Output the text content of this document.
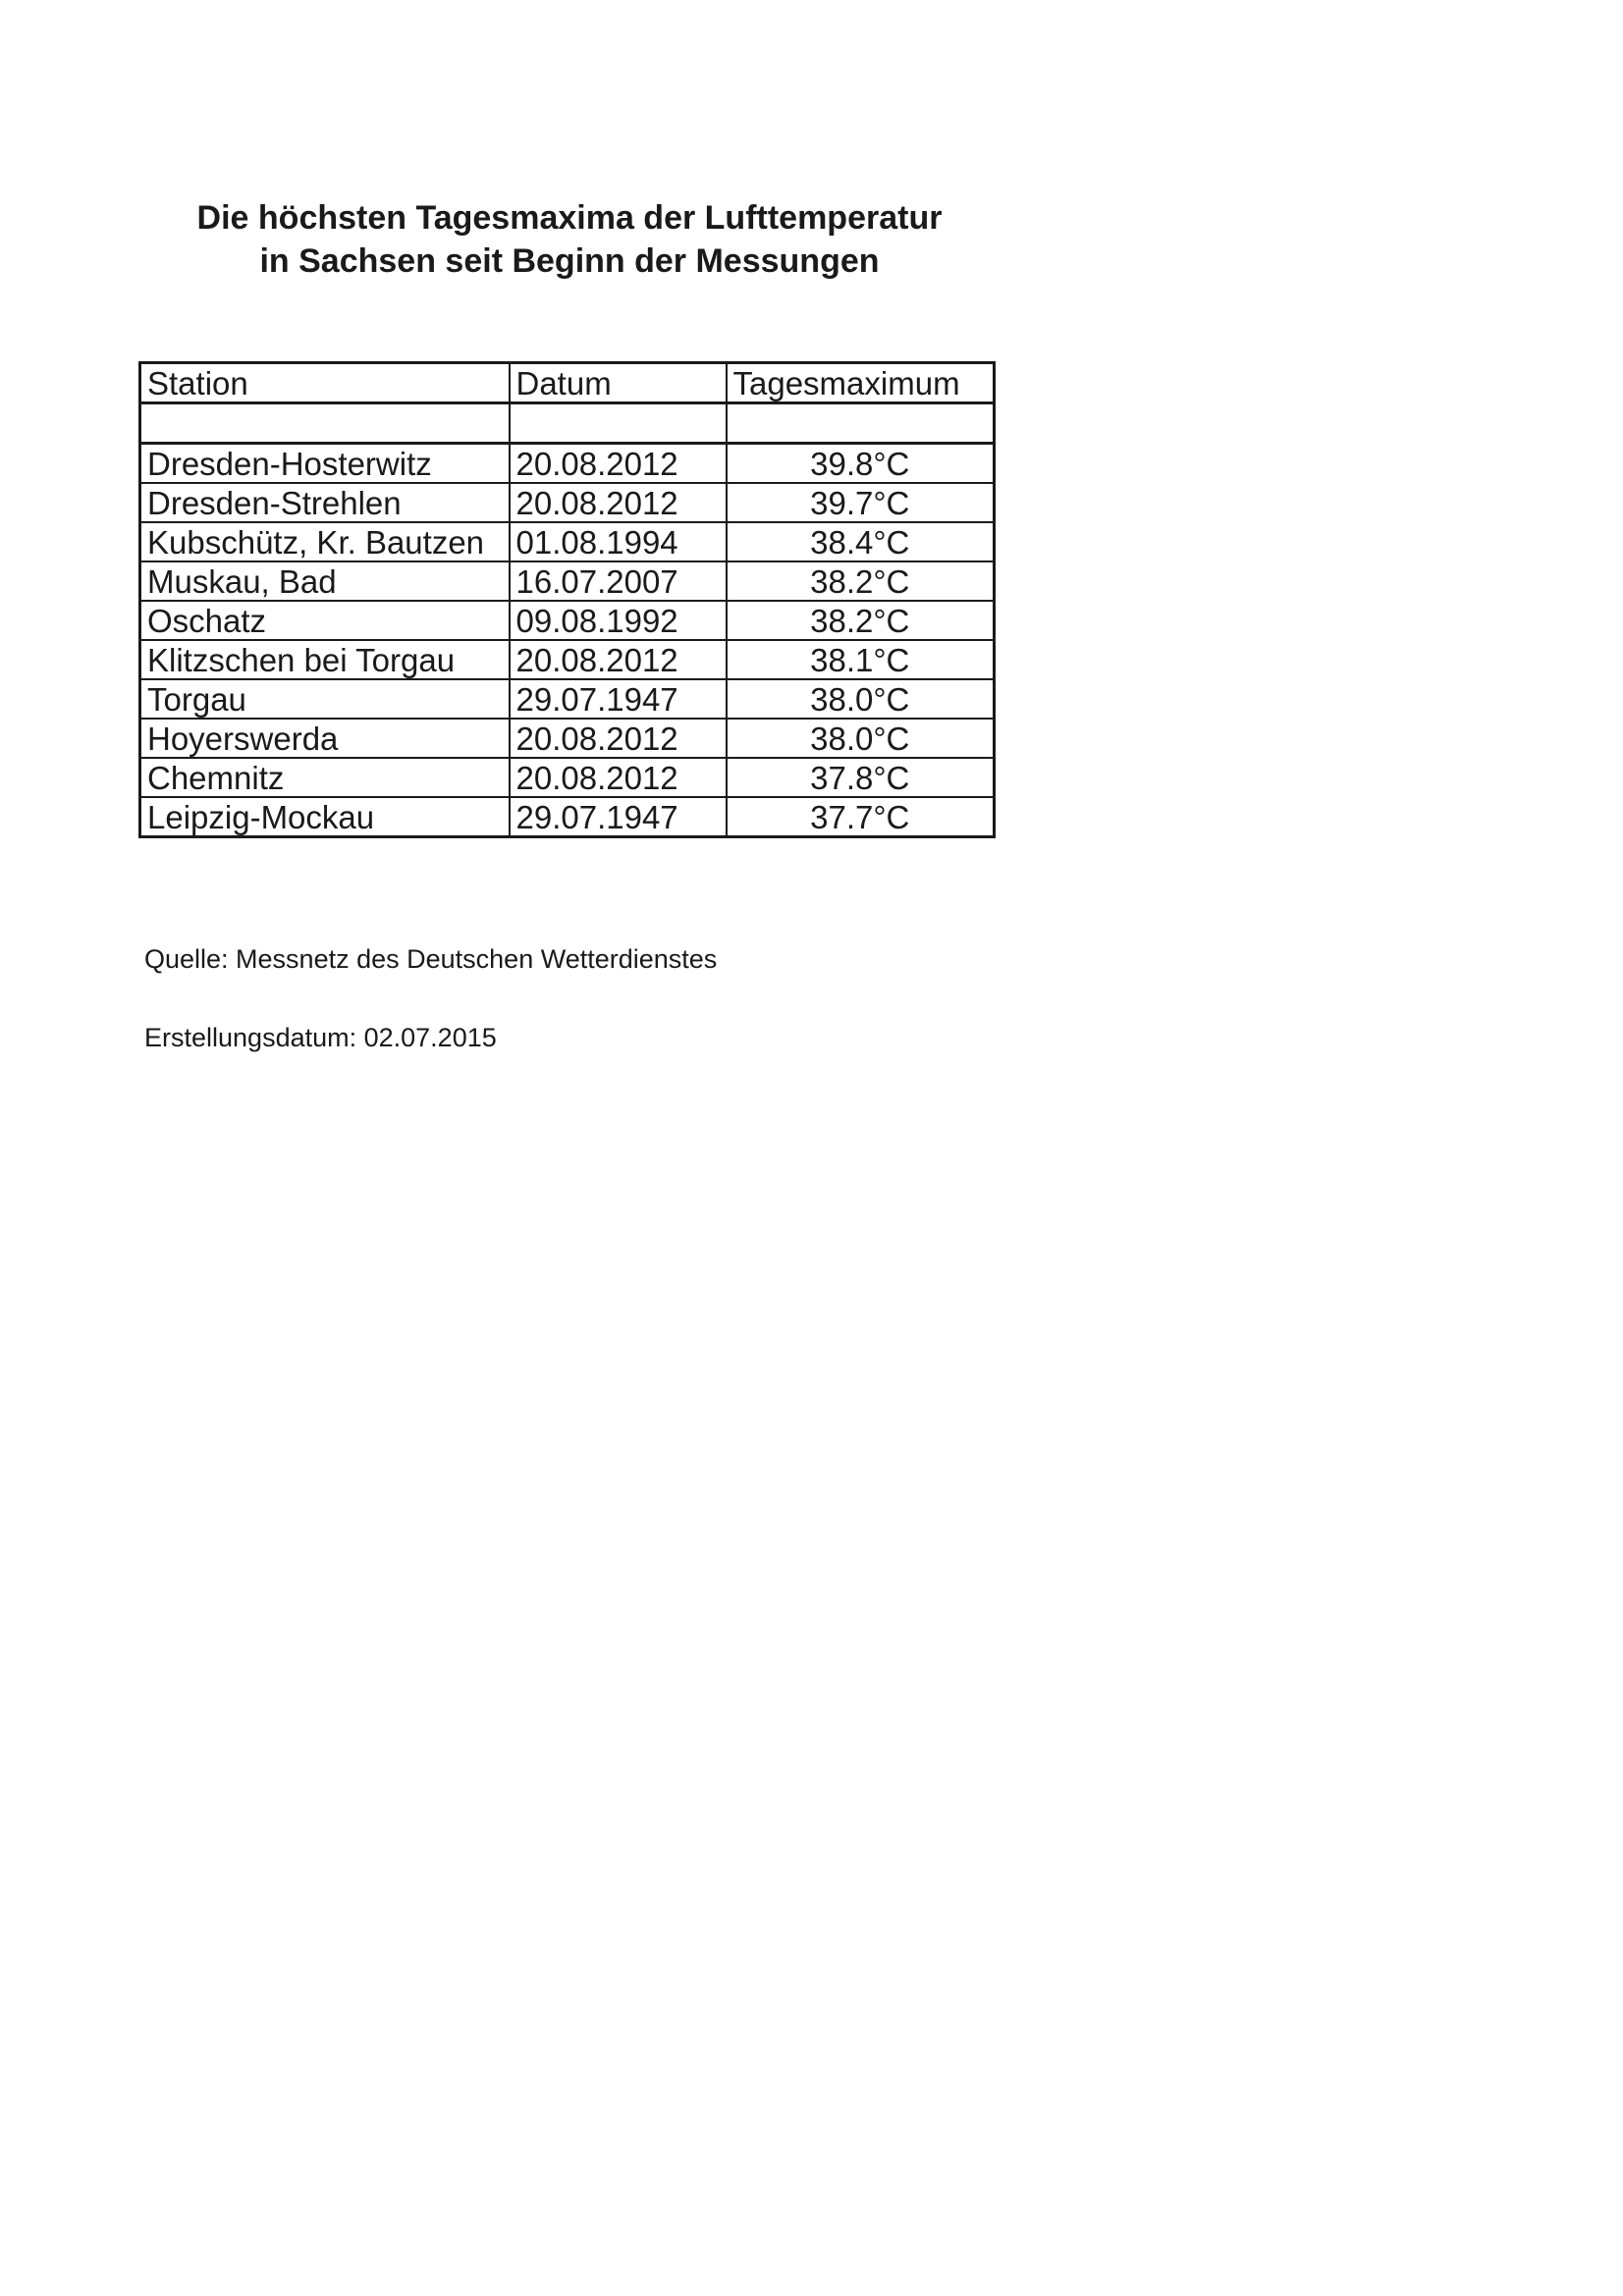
Die höchsten Tagesmaxima der Lufttemperatur
in Sachsen seit Beginn der Messungen
Station	Datum	Tagesmaximum

Dresden-Hosterwitz	20.08.2012	39.8°C
Dresden-Strehlen	20.08.2012	39.7°C
Kubschütz, Kr. Bautzen	01.08.1994	38.4°C
Muskau, Bad	16.07.2007	38.2°C
Oschatz	09.08.1992	38.2°C
Klitzschen bei Torgau	20.08.2012	38.1°C
Torgau	29.07.1947	38.0°C
Hoyerswerda	20.08.2012	38.0°C
Chemnitz	20.08.2012	37.8°C
Leipzig-Mockau	29.07.1947	37.7°C
Quelle: Messnetz des Deutschen Wetterdienstes
Erstellungsdatum: 02.07.2015
